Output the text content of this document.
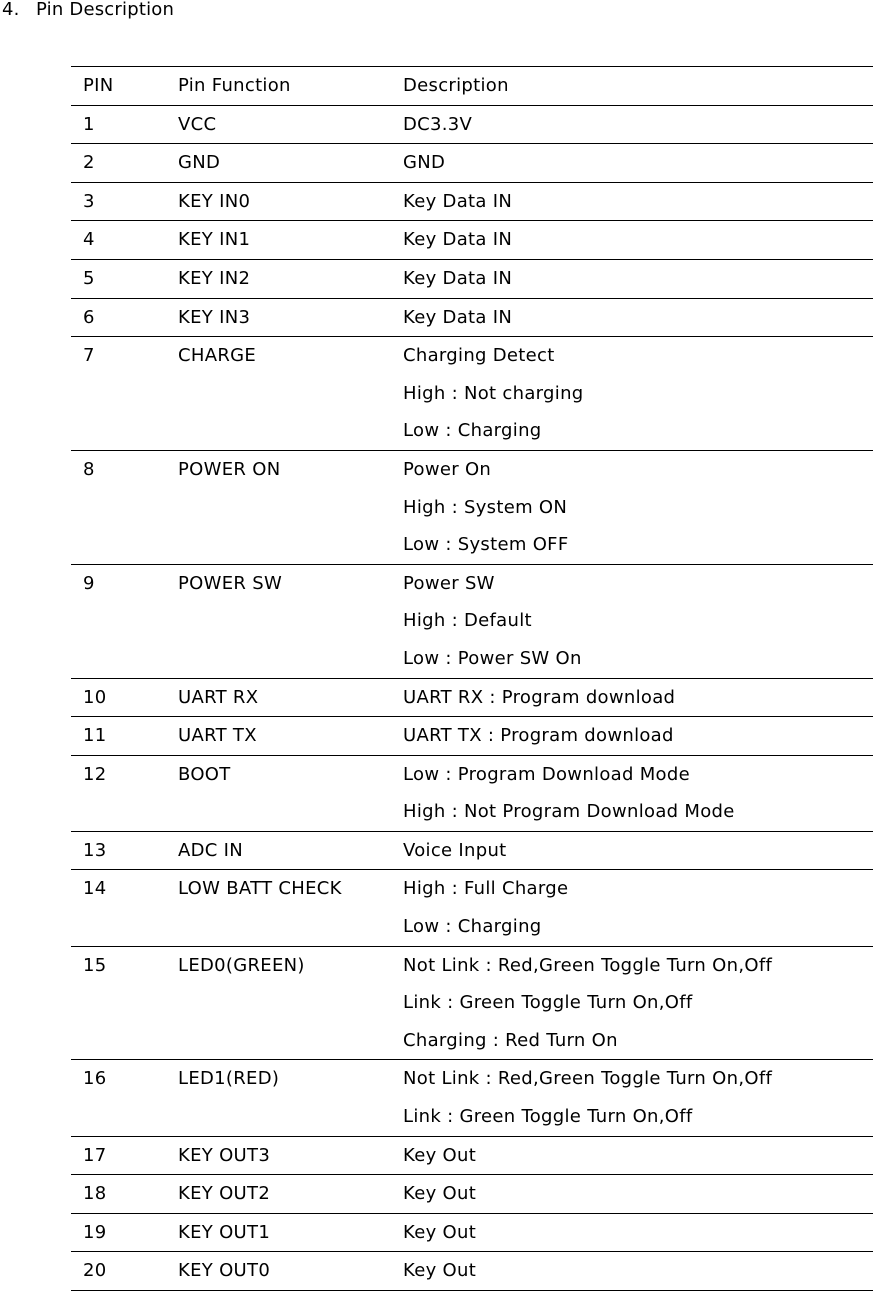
4. Pin Description
PIN	Pin Function	Description
1	VCC	DC3.3V

2	GND	GND

3	KEY IN0	Key Data IN

4	KEY IN1	Key Data IN

5	KEY IN2	Key Data IN

6	KEY IN3	Key Data IN

7	CHARGE	Charging Detect
High : Not charging
Low : Charging

8	POWER ON	Power On
High : System ON
Low : System OFF

9	POWER SW	Power SW
High : Default
Low : Power SW On

10	UART RX	UART RX : Program download

11	UART TX	UART TX : Program download

12	BOOT	Low : Program Download Mode
High : Not Program Download Mode

13	ADC IN	Voice Input

14	LOW BATT CHECK	High : Full Charge
Low : Charging

15	LED0(GREEN)	Not Link : Red,Green Toggle Turn On,Off
Link : Green Toggle Turn On,Off
Charging : Red Turn On

16	LED1(RED)	Not Link : Red,Green Toggle Turn On,Off
Link : Green Toggle Turn On,Off

17	KEY OUT3	Key Out

18	KEY OUT2	Key Out

19	KEY OUT1	Key Out

20	KEY OUT0	Key Out
